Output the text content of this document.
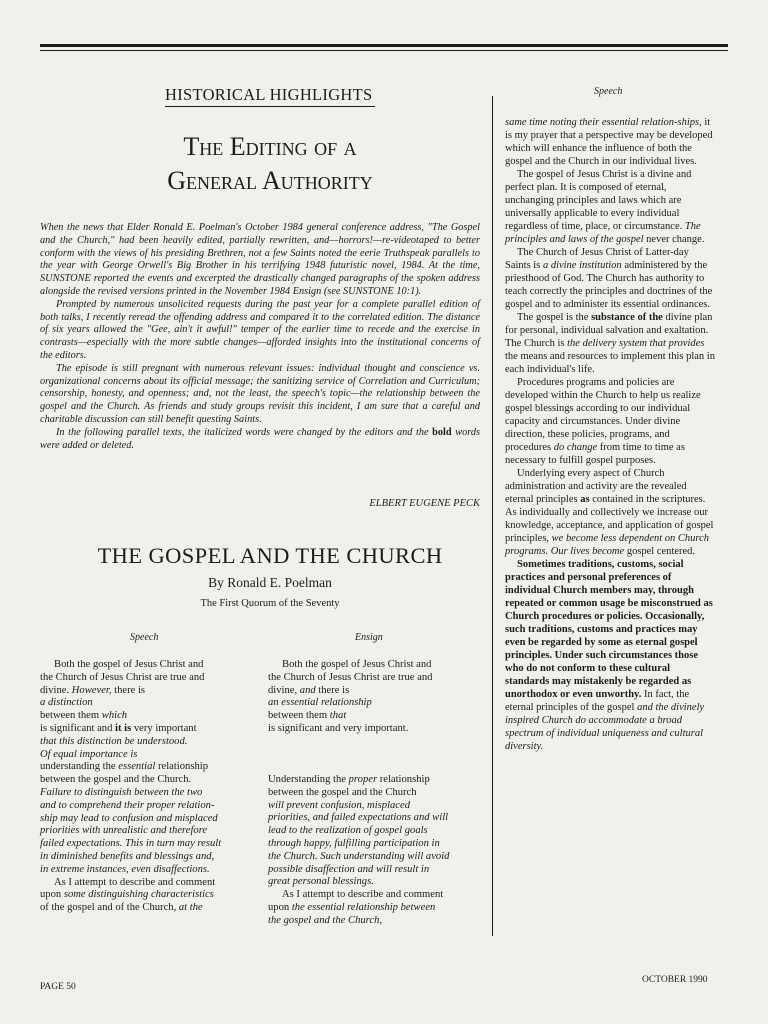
HISTORICAL HIGHLIGHTS
The Editing of a
General Authority

When the news that Elder Ronald E. Poelman's October 1984 general conference address, "The Gospel and the Church," had been heavily edited, partially rewritten, and—horrors!—re-videotaped to better conform with the views of his presiding Brethren, not a few Saints noted the eerie Truthspeak parallels to the year with George Orwell's Big Brother in his terrifying 1948 futuristic novel, 1984. At the time, SUNSTONE reported the events and excerpted the drastically changed paragraphs of the spoken address alongside the revised versions printed in the November 1984 Ensign (see SUNSTONE 10:1).

Prompted by numerous unsolicited requests during the past year for a complete parallel edition of both talks, I recently reread the offending address and compared it to the correlated edition. The distance of six years allowed the "Gee, ain't it awful!" temper of the earlier time to recede and the exercise in contrasts—especially with the more subtle changes—afforded insights into the institutional concerns of the editors.

The episode is still pregnant with numerous relevant issues: individual thought and conscience vs. organizational concerns about its official message; the sanitizing service of Correlation and Curriculum; censorship, honesty, and openness; and, not the least, the speech's topic—the relationship between the gospel and the Church. As friends and study groups revisit this incident, I am sure that a careful and charitable discussion can still benefit questing Saints.

In the following parallel texts, the italicized words were changed by the editors and the bold words were added or deleted.

ELBERT EUGENE PECK
THE GOSPEL AND THE CHURCH
By Ronald E. Poelman
The First Quorum of the Seventy
Speech	Ensign
Speech
Both the gospel of Jesus Christ and
the Church of Jesus Christ are true and
divine. However, there is
a distinction
between them which
is significant and it is very important
that this distinction be understood.
Of equal importance is
understanding the essential relationship
between the gospel and the Church.
Failure to distinguish between the two
and to comprehend their proper relation-
ship may lead to confusion and misplaced
priorities with unrealistic and therefore
failed expectations. This in turn may result
in diminished benefits and blessings and,
in extreme instances, even disaffections.
As I attempt to describe and comment
upon some distinguishing characteristics
of the gospel and of the Church, at the
Both the gospel of Jesus Christ and
the Church of Jesus Christ are true and
divine, and there is
an essential relationship
between them that
is significant and very important.
Understanding the proper relationship
between the gospel and the Church
will prevent confusion, misplaced
priorities, and failed expectations and will
lead to the realization of gospel goals
through happy, fulfilling participation in
the Church. Such understanding will avoid
possible disaffection and will result in
great personal blessings.
As I attempt to describe and comment
upon the essential relationship between
the gospel and the Church,

same time noting their essential relation-ships, it is my prayer that a perspective may be developed which will enhance the influence of both the gospel and the Church in our individual lives.

The gospel of Jesus Christ is a divine and perfect plan. It is composed of eternal, unchanging principles and laws which are universally applicable to every individual regardless of time, place, or circumstance. The principles and laws of the gospel never change.

The Church of Jesus Christ of Latter-day Saints is a divine institution administered by the priesthood of God. The Church has authority to teach correctly the principles and doctrines of the gospel and to administer its essential ordinances.

The gospel is the substance of the divine plan for personal, individual salvation and exaltation. The Church is the delivery system that provides the means and resources to implement this plan in each individual's life.

Procedures programs and policies are developed within the Church to help us realize gospel blessings according to our individual capacity and circumstances. Under divine direction, these policies, programs, and procedures do change from time to time as necessary to fulfill gospel purposes.

Underlying every aspect of Church administration and activity are the revealed eternal principles as contained in the scriptures. As individually and collectively we increase our knowledge, acceptance, and application of gospel principles, we become less dependent on Church programs. Our lives become gospel centered.

Sometimes traditions, customs, social practices and personal preferences of individual Church members may, through repeated or common usage be misconstrued as Church procedures or policies. Occasionally, such traditions, customs and practices may even be regarded by some as eternal gospel principles. Under such circumstances those who do not conform to these cultural standards may mistakenly be regarded as unorthodox or even unworthy. In fact, the eternal principles of the gospel and the divinely inspired Church do accommodate a broad spectrum of individual uniqueness and cultural diversity.

PAGE 50
OCTOBER 1990
